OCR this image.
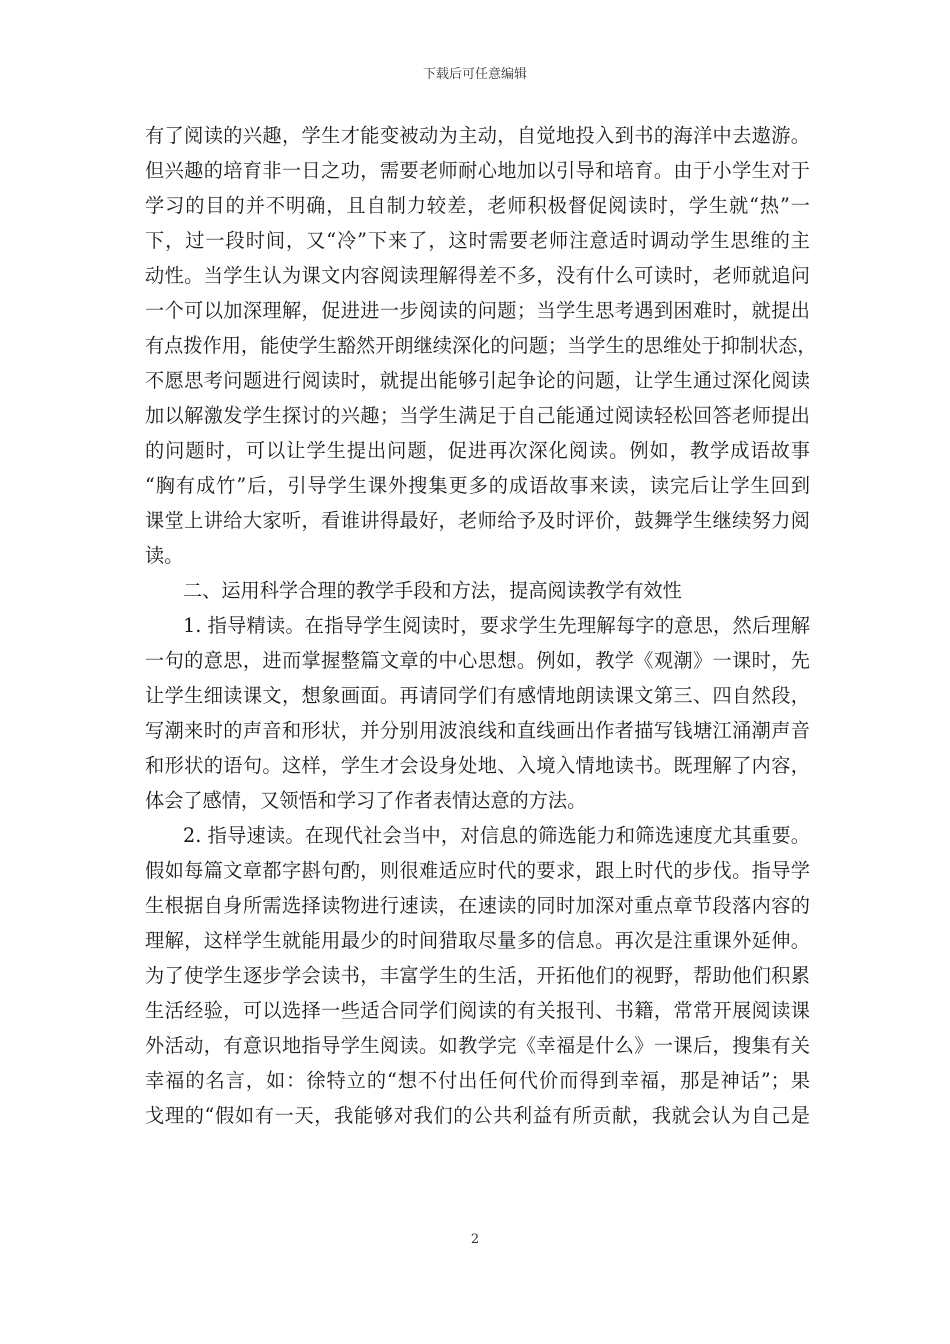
下载后可任意编辑
有了阅读的兴趣，学生才能变被动为主动，自觉地投入到书的海洋中去遨游。
但兴趣的培育非一日之功，需要老师耐心地加以引导和培育。由于小学生对于
学习的目的并不明确，且自制力较差，老师积极督促阅读时，学生就“热”一
下，过一段时间，又“冷”下来了，这时需要老师注意适时调动学生思维的主
动性。当学生认为课文内容阅读理解得差不多，没有什么可读时，老师就追问
一个可以加深理解，促进进一步阅读的问题；当学生思考遇到困难时，就提出
有点拨作用，能使学生豁然开朗继续深化的问题；当学生的思维处于抑制状态，
不愿思考问题进行阅读时，就提出能够引起争论的问题，让学生通过深化阅读
加以解激发学生探讨的兴趣；当学生满足于自己能通过阅读轻松回答老师提出
的问题时，可以让学生提出问题，促进再次深化阅读。例如，教学成语故事
“胸有成竹”后，引导学生课外搜集更多的成语故事来读，读完后让学生回到
课堂上讲给大家听，看谁讲得最好，老师给予及时评价，鼓舞学生继续努力阅
读。
二、运用科学合理的教学手段和方法，提高阅读教学有效性
1. 指导精读。在指导学生阅读时，要求学生先理解每字的意思，然后理解
一句的意思，进而掌握整篇文章的中心思想。例如，教学《观潮》一课时，先
让学生细读课文，想象画面。再请同学们有感情地朗读课文第三、四自然段，
写潮来时的声音和形状，并分别用波浪线和直线画出作者描写钱塘江涌潮声音
和形状的语句。这样，学生才会设身处地、入境入情地读书。既理解了内容，
体会了感情，又领悟和学习了作者表情达意的方法。
2. 指导速读。在现代社会当中，对信息的筛选能力和筛选速度尤其重要。
假如每篇文章都字斟句酌，则很难适应时代的要求，跟上时代的步伐。指导学
生根据自身所需选择读物进行速读，在速读的同时加深对重点章节段落内容的
理解，这样学生就能用最少的时间猎取尽量多的信息。再次是注重课外延伸。
为了使学生逐步学会读书，丰富学生的生活，开拓他们的视野，帮助他们积累
生活经验，可以选择一些适合同学们阅读的有关报刊、书籍，常常开展阅读课
外活动，有意识地指导学生阅读。如教学完《幸福是什么》一课后，搜集有关
幸福的名言，如：徐特立的“想不付出任何代价而得到幸福，那是神话”；果
戈理的“假如有一天，我能够对我们的公共利益有所贡献，我就会认为自己是
2
